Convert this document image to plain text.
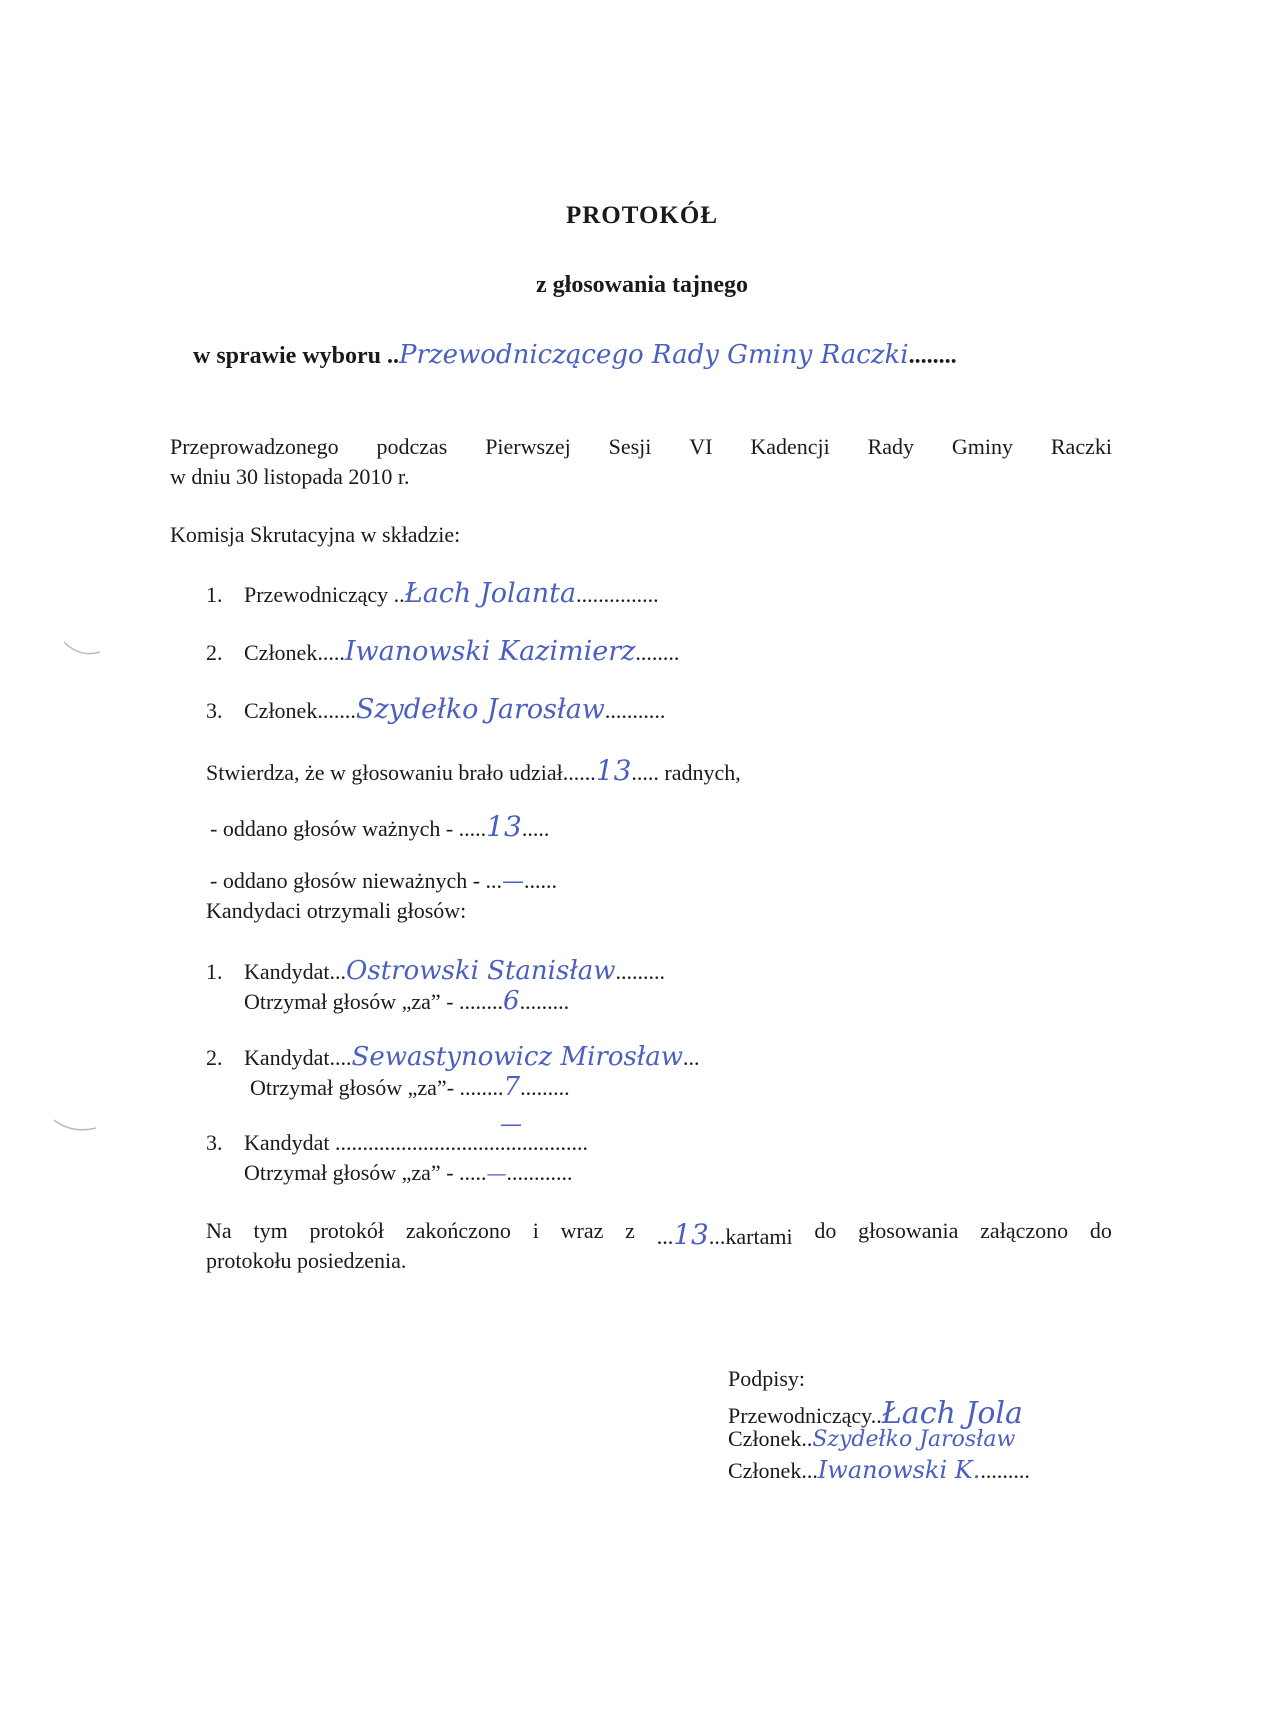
PROTOKÓŁ
z głosowania tajnego
w sprawie wyboru ..Przewodniczącego Rady Gminy Raczki........
Przeprowadzonego podczas Pierwszej Sesji VI Kadencji Rady Gminy Raczki
w dniu 30 listopada 2010 r.
Komisja Skrutacyjna w składzie:
1. Przewodniczący ..Łach Jolanta...............
2. Członek.....Iwanowski Kazimierz........
3. Członek.......Szydełko Jarosław...........
Stwierdza, że w głosowaniu brało udział......13..... radnych,
- oddano głosów ważnych - .....13.....
- oddano głosów nieważnych - ...—......
Kandydaci otrzymali głosów:
1. Kandydat...Ostrowski Stanisław.........
Otrzymał głosów „za” - ........6.........
2. Kandydat....Sewastynowicz Mirosław...
Otrzymał głosów „za”- ........7.........
3. Kandydat ..............................................
—
Otrzymał głosów „za” - .....—............
Na tym protokół zakończono i wraz z ...13...kartami do głosowania załączono do
protokołu posiedzenia.
Podpisy:
Przewodniczący..Łach Jola
Członek..Szydełko Jarosław
Członek...Iwanowski K..........
